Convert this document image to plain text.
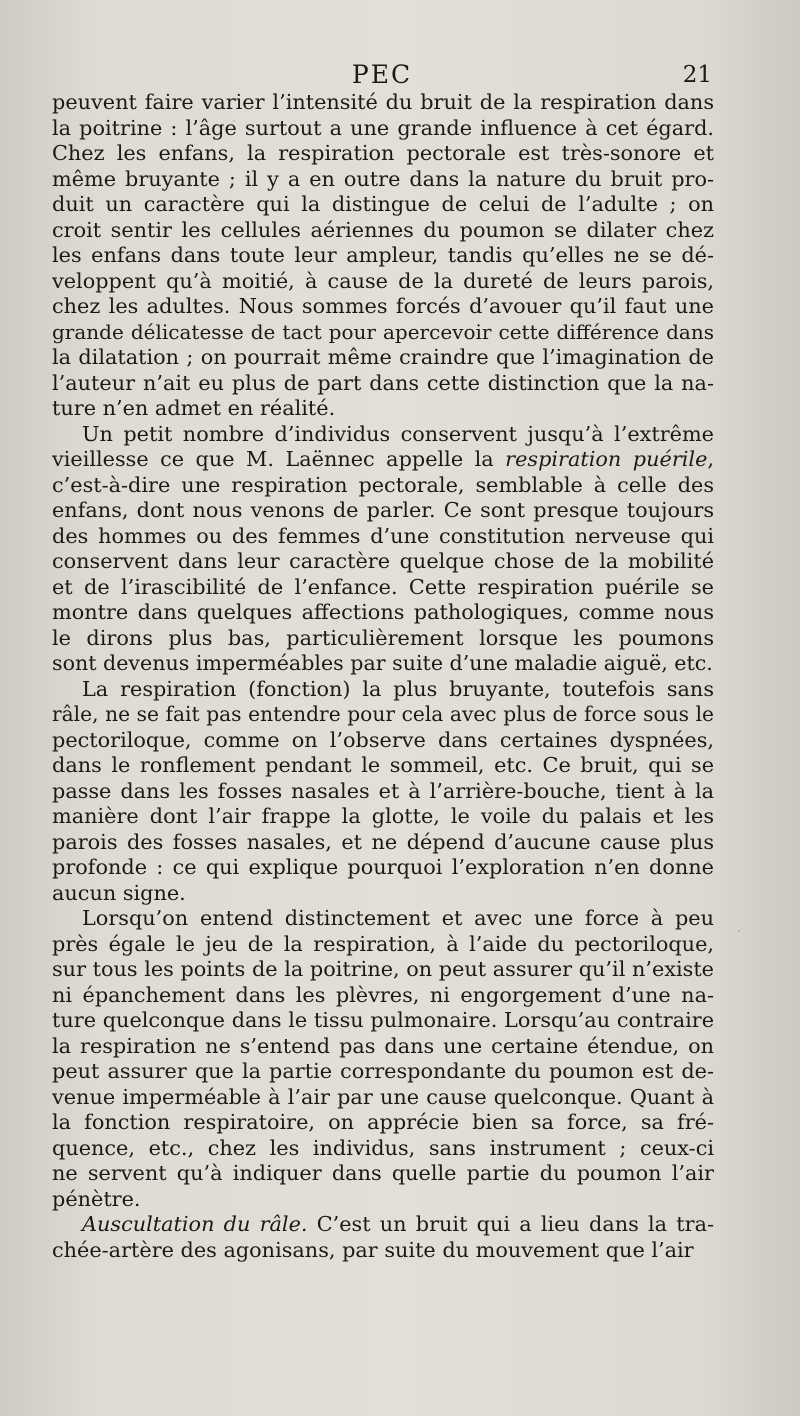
PEC	21
peuvent faire varier l’intensité du bruit de la respiration dans
la poitrine : l’âge surtout a une grande influence à cet égard.
Chez les enfans, la respiration pectorale est très-sonore et
même bruyante ; il y a en outre dans la nature du bruit pro-
duit un caractère qui la distingue de celui de l’adulte ; on
croit sentir les cellules aériennes du poumon se dilater chez
les enfans dans toute leur ampleur, tandis qu’elles ne se dé-
veloppent qu’à moitié, à cause de la dureté de leurs parois,
chez les adultes. Nous sommes forcés d’avouer qu’il faut une
grande délicatesse de tact pour apercevoir cette différence dans
la dilatation ; on pourrait même craindre que l’imagination de
l’auteur n’ait eu plus de part dans cette distinction que la na-
ture n’en admet en réalité.
Un petit nombre d’individus conservent jusqu’à l’extrême
vieillesse ce que M. Laënnec appelle la respiration puérile,
c’est-à-dire une respiration pectorale, semblable à celle des
enfans, dont nous venons de parler. Ce sont presque toujours
des hommes ou des femmes d’une constitution nerveuse qui
conservent dans leur caractère quelque chose de la mobilité
et de l’irascibilité de l’enfance. Cette respiration puérile se
montre dans quelques affections pathologiques, comme nous
le dirons plus bas, particulièrement lorsque les poumons
sont devenus imperméables par suite d’une maladie aiguë, etc.
La respiration (fonction) la plus bruyante, toutefois sans
râle, ne se fait pas entendre pour cela avec plus de force sous le
pectoriloque, comme on l’observe dans certaines dyspnées,
dans le ronflement pendant le sommeil, etc. Ce bruit, qui se
passe dans les fosses nasales et à l’arrière-bouche, tient à la
manière dont l’air frappe la glotte, le voile du palais et les
parois des fosses nasales, et ne dépend d’aucune cause plus
profonde : ce qui explique pourquoi l’exploration n’en donne
aucun signe.
Lorsqu’on entend distinctement et avec une force à peu
près égale le jeu de la respiration, à l’aide du pectoriloque,
sur tous les points de la poitrine, on peut assurer qu’il n’existe
ni épanchement dans les plèvres, ni engorgement d’une na-
ture quelconque dans le tissu pulmonaire. Lorsqu’au contraire
la respiration ne s’entend pas dans une certaine étendue, on
peut assurer que la partie correspondante du poumon est de-
venue imperméable à l’air par une cause quelconque. Quant à
la fonction respiratoire, on apprécie bien sa force, sa fré-
quence, etc., chez les individus, sans instrument ; ceux-ci
ne servent qu’à indiquer dans quelle partie du poumon l’air
pénètre.
Auscultation du râle. C’est un bruit qui a lieu dans la tra-
chée-artère des agonisans, par suite du mouvement que l’air
